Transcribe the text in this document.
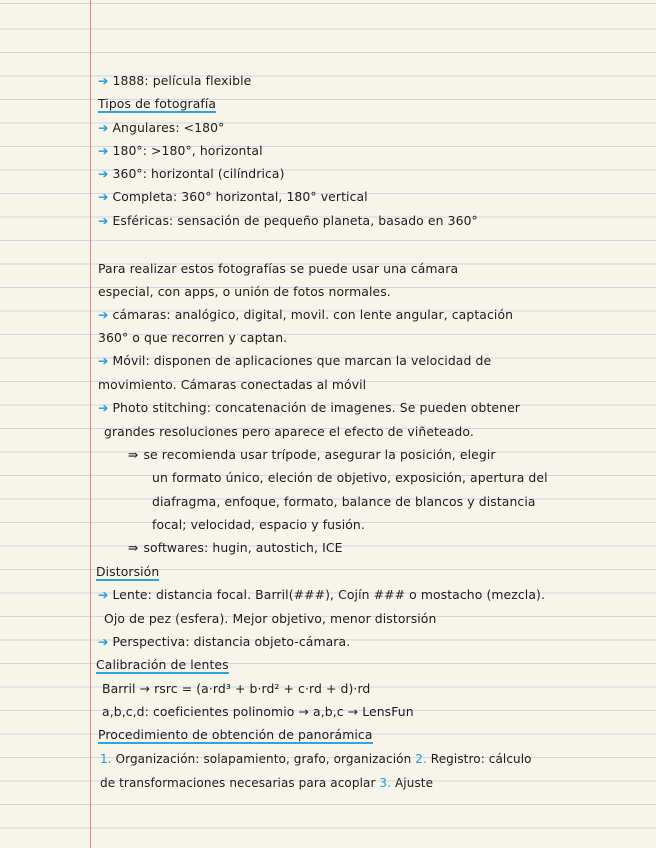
➔ 1888: película flexible
Tipos de fotografía
➔ Angulares: <180°
➔ 180°: >180°, horizontal
➔ 360°: horizontal (cilíndrica)
➔ Completa: 360° horizontal, 180° vertical
➔ Esféricas: sensación de pequeño planeta, basado en 360°
Para realizar estos fotografías se puede usar una cámara
especial, con apps, o unión de fotos normales.
➔ cámaras: analógico, digital, movil. con lente angular, captación
360° o que recorren y captan.
➔ Móvil: disponen de aplicaciones que marcan la velocidad de
movimiento. Cámaras conectadas al móvil
➔ Photo stitching: concatenación de imagenes. Se pueden obtener
grandes resoluciones pero aparece el efecto de viñeteado.
⇛ se recomienda usar trípode, asegurar la posición, elegir
un formato único, eleción de objetivo, exposición, apertura del
diafragma, enfoque, formato, balance de blancos y distancia
focal; velocidad, espacio y fusión.
⇛ softwares: hugin, autostich, ICE
Distorsión
➔ Lente: distancia focal. Barril(###), Cojín ### o mostacho (mezcla).
Ojo de pez (esfera). Mejor objetivo, menor distorsión
➔ Perspectiva: distancia objeto-cámara.
Calibración de lentes
Barril → rsrc = (a·rd³ + b·rd² + c·rd + d)·rd
a,b,c,d: coeficientes polinomio → a,b,c → LensFun
Procedimiento de obtención de panorámica
1. Organización: solapamiento, grafo, organización 2. Registro: cálculo
de transformaciones necesarias para acoplar 3. Ajuste
